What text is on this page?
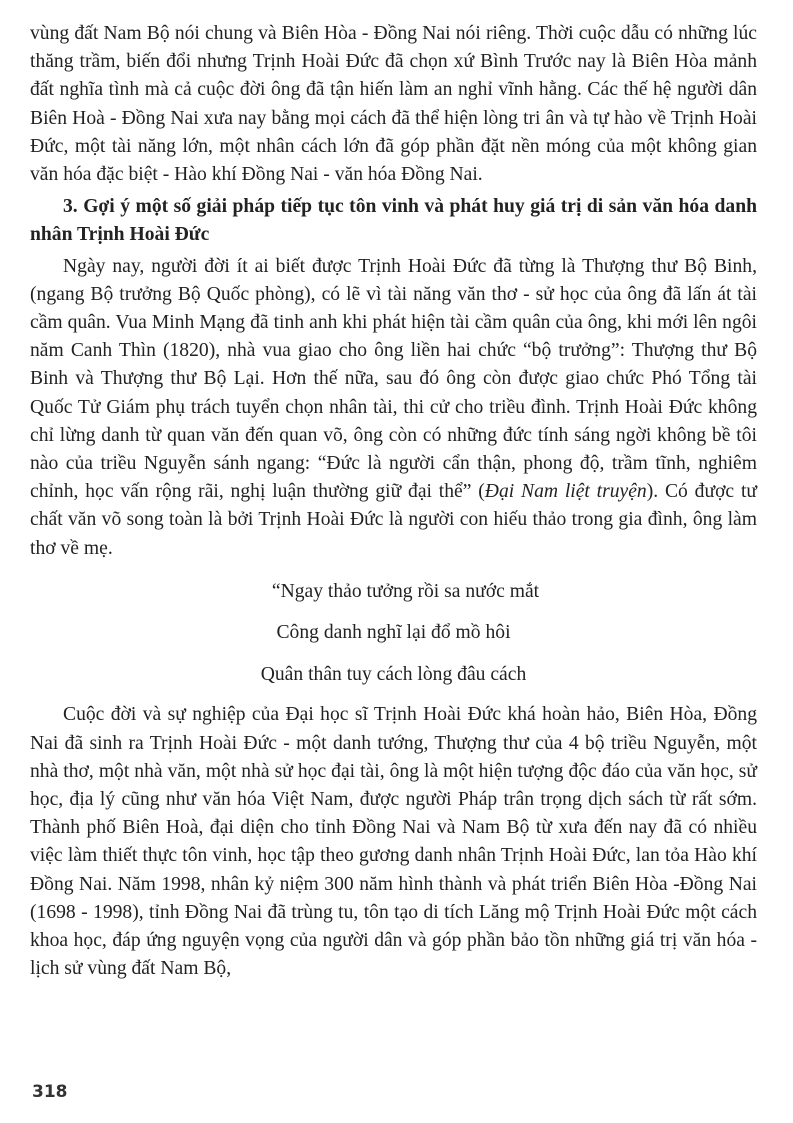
vùng đất Nam Bộ nói chung và Biên Hòa - Đồng Nai nói riêng. Thời cuộc dẫu có những lúc thăng trầm, biến đổi nhưng Trịnh Hoài Đức đã chọn xứ Bình Trước nay là Biên Hòa mảnh đất nghĩa tình mà cả cuộc đời ông đã tận hiến làm an nghỉ vĩnh hằng. Các thế hệ người dân Biên Hoà - Đồng Nai xưa nay bằng mọi cách đã thể hiện lòng tri ân và tự hào về Trịnh Hoài Đức, một tài năng lớn, một nhân cách lớn đã góp phần đặt nền móng của một không gian văn hóa đặc biệt - Hào khí Đồng Nai - văn hóa Đồng Nai.

3. Gợi ý một số giải pháp tiếp tục tôn vinh và phát huy giá trị di sản văn hóa danh nhân Trịnh Hoài Đức

Ngày nay, người đời ít ai biết được Trịnh Hoài Đức đã từng là Thượng thư Bộ Binh, (ngang Bộ trưởng Bộ Quốc phòng), có lẽ vì tài năng văn thơ - sử học của ông đã lấn át tài cầm quân. Vua Minh Mạng đã tinh anh khi phát hiện tài cầm quân của ông, khi mới lên ngôi năm Canh Thìn (1820), nhà vua giao cho ông liền hai chức “bộ trưởng”: Thượng thư Bộ Binh và Thượng thư Bộ Lại. Hơn thế nữa, sau đó ông còn được giao chức Phó Tổng tài Quốc Tử Giám phụ trách tuyển chọn nhân tài, thi cử cho triều đình. Trịnh Hoài Đức không chỉ lừng danh từ quan văn đến quan võ, ông còn có những đức tính sáng ngời không bề tôi nào của triều Nguyễn sánh ngang: “Đức là người cẩn thận, phong độ, trầm tĩnh, nghiêm chỉnh, học vấn rộng rãi, nghị luận thường giữ đại thể” (Đại Nam liệt truyện). Có được tư chất văn võ song toàn là bởi Trịnh Hoài Đức là người con hiếu thảo trong gia đình, ông làm thơ về mẹ.

“Ngay thảo tưởng rồi sa nước mắt
Công danh nghĩ lại đổ mồ hôi
Quân thân tuy cách lòng đâu cách

Cuộc đời và sự nghiệp của Đại học sĩ Trịnh Hoài Đức khá hoàn hảo, Biên Hòa, Đồng Nai đã sinh ra Trịnh Hoài Đức - một danh tướng, Thượng thư của 4 bộ triều Nguyễn, một nhà thơ, một nhà văn, một nhà sử học đại tài, ông là một hiện tượng độc đáo của văn học, sử học, địa lý cũng như văn hóa Việt Nam, được người Pháp trân trọng dịch sách từ rất sớm. Thành phố Biên Hoà, đại diện cho tỉnh Đồng Nai và Nam Bộ từ xưa đến nay đã có nhiều việc làm thiết thực tôn vinh, học tập theo gương danh nhân Trịnh Hoài Đức, lan tỏa Hào khí Đồng Nai. Năm 1998, nhân kỷ niệm 300 năm hình thành và phát triển Biên Hòa -Đồng Nai (1698 - 1998), tỉnh Đồng Nai đã trùng tu, tôn tạo di tích Lăng mộ Trịnh Hoài Đức một cách khoa học, đáp ứng nguyện vọng của người dân và góp phần bảo tồn những giá trị văn hóa - lịch sử vùng đất Nam Bộ,

318
